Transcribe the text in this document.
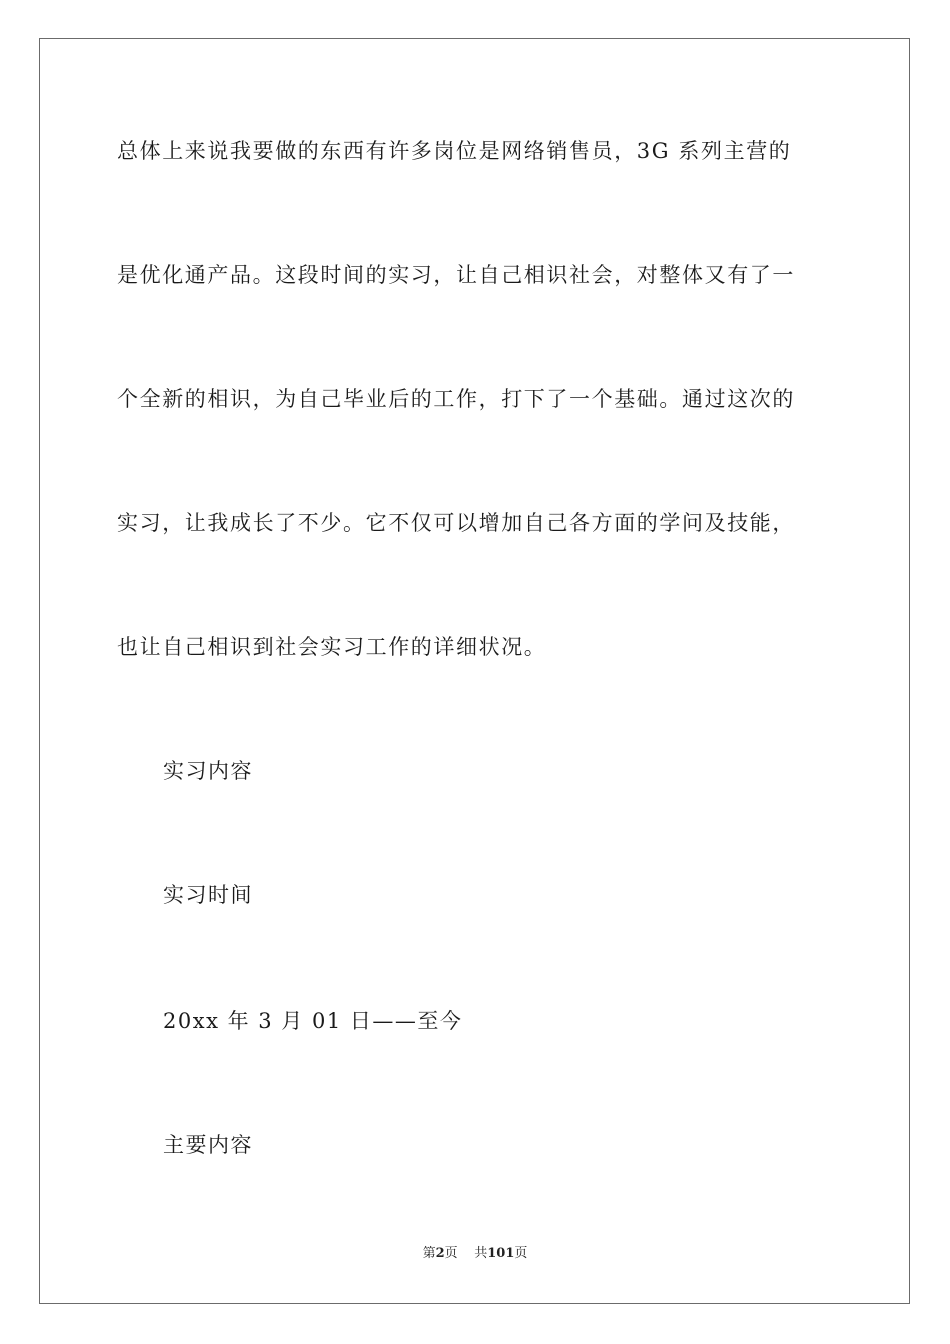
总体上来说我要做的东西有许多岗位是网络销售员，3G 系列主营的
是优化通产品。这段时间的实习，让自己相识社会，对整体又有了一
个全新的相识，为自己毕业后的工作，打下了一个基础。通过这次的
实习，让我成长了不少。它不仅可以增加自己各方面的学问及技能，
也让自己相识到社会实习工作的详细状况。
实习内容
实习时间
20xx 年 3 月 01 日——至今
主要内容
第2页 共101页
